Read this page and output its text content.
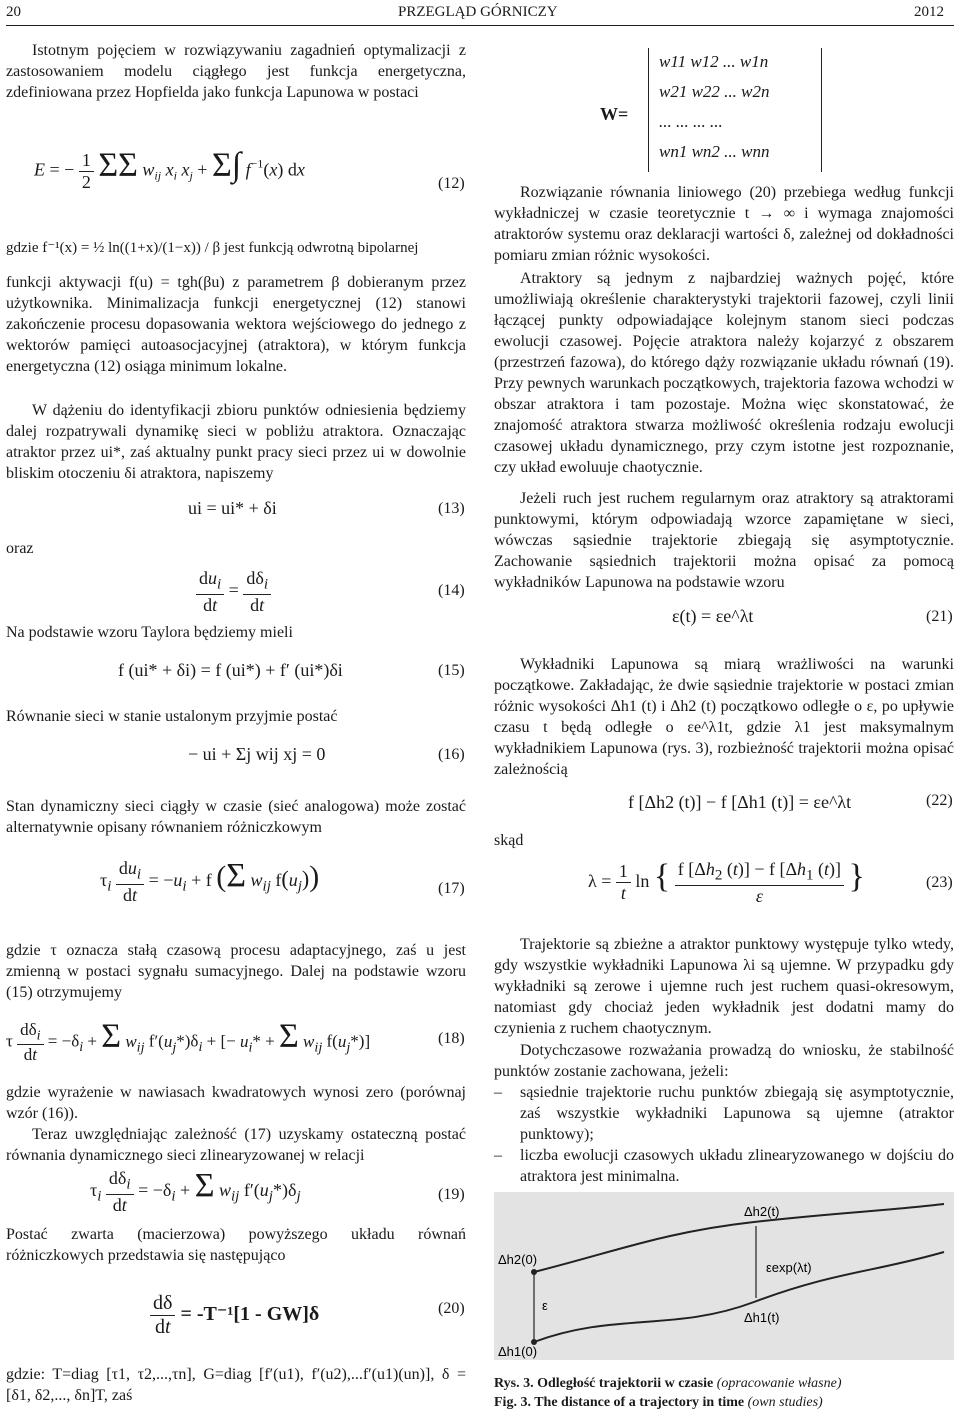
20	PRZEGLĄD GÓRNICZY	2012

Istotnym pojęciem w rozwiązywaniu zagadnień optymalizacji z zastosowaniem modelu ciągłego jest funkcja energetyczna, zdefiniowana przez Hopfielda jako funkcja Lapunowa w postaci

E = − $\frac{1}{2}$ ΣΣ $w_{ij}$ $x_i$ $x_j + \Sigma\int$ $f^{-1}(x)$ dx
(12)
gdzie f⁻¹(x) = ½ ln((1+x)/(1−x)) / β jest funkcją odwrotną bipolarnej

funkcji aktywacji f(u) = tgh(βu) z parametrem β dobieranym przez użytkownika. Minimalizacja funkcji energetycznej (12) stanowi zakończenie procesu dopasowania wektora wejściowego do jednego z wektorów pamięci autoasocjacyjnej (atraktora), w którym funkcja energetyczna (12) osiąga minimum lokalne.

W dążeniu do identyfikacji zbioru punktów odniesienia będziemy dalej rozpatrywali dynamikę sieci w pobliżu atraktora. Oznaczając atraktor przez ui*, zaś aktualny punkt pracy sieci przez ui w dowolnie bliskim otoczeniu δi atraktora, napiszemy

ui = ui* + δi	(13)
oraz
$\frac{du_i}{dt} = \frac{d\delta_i}{dt}$	(14)

Na podstawie wzoru Taylora będziemy mieli

f (ui* + δi) = f (ui*) + f′ (ui*)δi	(15)

Równanie sieci w stanie ustalonym przyjmie postać

− ui + Σj wij xj = 0	(16)

Stan dynamiczny sieci ciągły w czasie (sieć analogowa) może zostać alternatywnie opisany równaniem różniczkowym

$\tau_i \frac{du_i}{dt} = -u_i + f$ (Σ $w_{ij}$ $f(u_j)$)	(17)

gdzie τ oznacza stałą czasową procesu adaptacyjnego, zaś u jest zmienną w postaci sygnału sumacyjnego. Dalej na podstawie wzoru (15) otrzymujemy

τ $\frac{d\delta_i}{dt} = -\delta_i + \Sigma$ $w_{ij}$ $f'(u_j*)\delta_i$ + [− $u_i* + \Sigma$ $w_{ij}$ $f(u_j*)$]	(18)

gdzie wyrażenie w nawiasach kwadratowych wynosi zero (porównaj wzór (16)).

Teraz uwzględniając zależność (17) uzyskamy ostateczną postać równania dynamicznego sieci zlinearyzowanej w relacji

$\tau_i \frac{d\delta_i}{dt} = -\delta_i + \Sigma$ $w_{ij}$ $f'(u_j*)\delta_j$	(19)

Postać zwarta (macierzowa) powyższego układu równań różniczkowych przedstawia się następująco

$\frac{d\delta}{dt} = -T^{-1}[1 - GW]\delta$	(20)

gdzie: T=diag [τ1, τ2,...,τn], G=diag [f′(u1), f′(u2),...f′(u1)(un)], δ = [δ1, δ2,..., δn]T, zaś

W=
w11 w12 ... w1n
w21 w22 ... w2n
... ... ... ...
wn1 wn2 ... wnn

Rozwiązanie równania liniowego (20) przebiega według funkcji wykładniczej w czasie teoretycznie t → ∞ i wymaga znajomości atraktorów systemu oraz deklaracji wartości δ, zależnej od dokładności pomiaru zmian różnic wysokości.

Atraktory są jednym z najbardziej ważnych pojęć, które umożliwiają określenie charakterystyki trajektorii fazowej, czyli linii łączącej punkty odpowiadające kolejnym stanom sieci podczas ewolucji czasowej. Pojęcie atraktora należy kojarzyć z obszarem (przestrzeń fazowa), do którego dąży rozwiązanie układu równań (19). Przy pewnych warunkach początkowych, trajektoria fazowa wchodzi w obszar atraktora i tam pozostaje. Można więc skonstatować, że znajomość atraktora stwarza możliwość określenia rodzaju ewolucji czasowej układu dynamicznego, przy czym istotne jest rozpoznanie, czy układ ewoluuje chaotycznie.

Jeżeli ruch jest ruchem regularnym oraz atraktory są atraktorami punktowymi, którym odpowiadają wzorce zapamiętane w sieci, wówczas sąsiednie trajektorie zbiegają się asymptotycznie. Zachowanie sąsiednich trajektorii można opisać za pomocą wykładników Lapunowa na podstawie wzoru

ε(t) = εe^λt	(21)

Wykładniki Lapunowa są miarą wrażliwości na warunki początkowe. Zakładając, że dwie sąsiednie trajektorie w postaci zmian różnic wysokości Δh1 (t) i Δh2 (t) początkowo odległe o ε, po upływie czasu t będą odległe o εe^λ1t, gdzie λ1 jest maksymalnym wykładnikiem Lapunowa (rys. 3), rozbieżność trajektorii można opisać zależnością

f [Δh2 (t)] − f [Δh1 (t)] = εe^λt	(22)
skąd
$\lambda = \frac{1}{t}$ ln { $\frac{f [\Delta h_2 (t)] - f [\Delta h_1 (t)]}{\varepsilon}$ }	(23)

Trajektorie są zbieżne a atraktor punktowy występuje tylko wtedy, gdy wszystkie wykładniki Lapunowa λi są ujemne. W przypadku gdy wykładniki są zerowe i ujemne ruch jest ruchem quasi-okresowym, natomiast gdy chociaż jeden wykładnik jest dodatni mamy do czynienia z ruchem chaotycznym.

Dotychczasowe rozważania prowadzą do wniosku, że stabilność punktów zostanie zachowana, jeżeli:

–	sąsiednie trajektorie ruchu punktów zbiegają się asymptotycznie, zaś wszystkie wykładniki Lapunowa są ujemne (atraktor punktowy);
–	liczba ewolucji czasowych układu zlinearyzowanego w dojściu do atraktora jest minimalna.
Δh2(t)
Δh2(0)
εexp(λt)
ε
Δh1(0)
Δh1(t)
Rys. 3. Odległość trajektorii w czasie (opracowanie własne)
Fig. 3. The distance of a trajectory in time (own studies)
